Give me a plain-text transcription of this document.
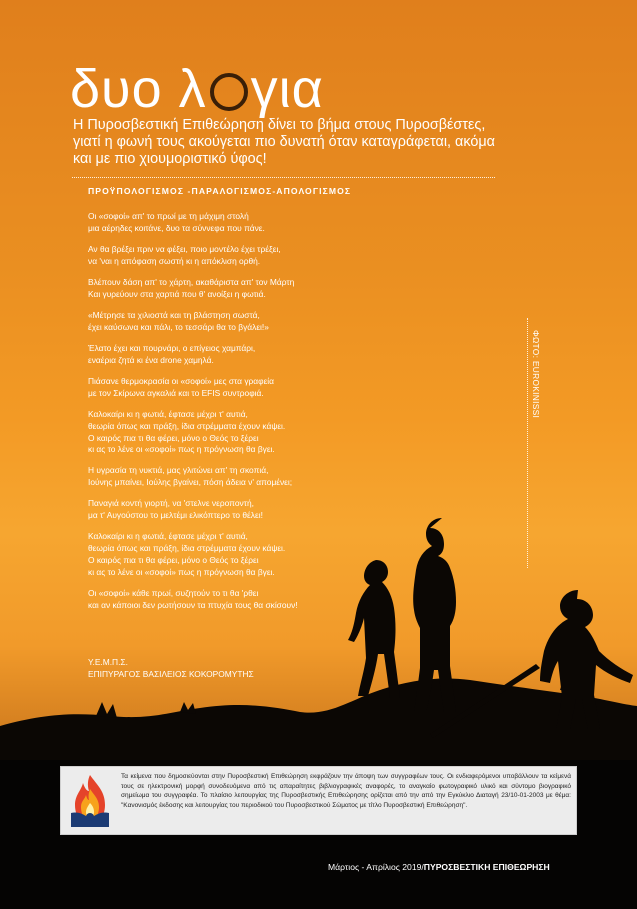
δυο λ για

Η Πυροσβεστική Επιθεώρηση δίνει το βήμα στους Πυροσβέστες, γιατί η φωνή τους ακούγεται πιο δυνατή όταν καταγράφεται, ακόμα και με πιο χιουμοριστικό ύφος!

ΠΡΟΫΠΟΛΟΓΙΣΜΟΣ -ΠΑΡΑΛΟΓΙΣΜΟΣ-ΑΠΟΛΟΓΙΣΜΟΣ

Οι «σοφοί» απ' το πρωί με τη μάχιμη στολή
μια αέρηδες κοιτάνε, δυο τα σύννεφα που πάνε.
Αν θα βρέξει πριν να φέξει, ποιο μοντέλο έχει τρέξει,
να 'ναι η απόφαση σωστή κι η απόκλιση ορθή.
Βλέπουν δάση απ' το χάρτη, ακαθάριστα απ' τον Μάρτη
Και γυρεύουν στα χαρτιά που θ' ανοίξει η φωτιά.
«Μέτρησε τα χιλιοστά και τη βλάστηση σωστά,
έχει καύσωνα και πάλι, το τεσσάρι θα το βγάλει!»
Έλατο έχει και πουρνάρι, ο επίγειος χαμπάρι,
εναέρια ζητά κι ένα drone χαμηλά.
Πιάσανε θερμοκρασία οι «σοφοί» μες στα γραφεία
με τον Σκίρωνα αγκαλιά και το EFIS συντροφιά.
Καλοκαίρι κι η φωτιά, έφτασε μέχρι τ' αυτιά,
θεωρία όπως και πράξη, ίδια στρέμματα έχουν κάψει.
Ο καιρός πια τι θα φέρει, μόνο ο Θεός το ξέρει
κι ας το λένε οι «σοφοί» πως η πρόγνωση θα βγει.
Η υγρασία τη νυκτιά, μας γλιτώνει απ' τη σκοπιά,
Ιούνης μπαίνει, Ιούλης βγαίνει, πόση άδεια ν' απομένει;
Παναγιά κοντή γιορτή, να 'στελνε νεροποντή,
μα τ' Αυγούστου το μελτέμι ελικόπτερο το θέλει!
Καλοκαίρι κι η φωτιά, έφτασε μέχρι τ' αυτιά,
θεωρία όπως και πράξη, ίδια στρέμματα έχουν κάψει.
Ο καιρός πια τι θα φέρει, μόνο ο Θεός το ξέρει
κι ας το λένε οι «σοφοί» πως η πρόγνωση θα βγει.
Οι «σοφοί» κάθε πρωί, συζητούν το τι θα 'ρθει
και αν κάποιοι δεν ρωτήσουν τα πτυχία τους θα σκίσουν!
Υ.Ε.Μ.Π.Σ.
ΕΠΙΠΥΡΑΓΟΣ ΒΑΣΙΛΕΙΟΣ ΚΟΚΟΡΟΜΥΤΗΣ
ΦΩΤΟ: EUROKINISSI

Τα κείμενα που δημοσιεύονται στην Πυροσβεστική Επιθεώρηση εκφράζουν την άποψη των συγγραφέων τους. Οι ενδιαφερόμενοι υποβάλλουν τα κείμενά τους σε ηλεκτρονική μορφή συνοδευόμενα από τις απαραίτητες βιβλιογραφικές αναφορές, το αναγκαίο φωτογραφικό υλικό και σύντομο βιογραφικό σημείωμα του συγγραφέα. Το πλαίσιο λειτουργίας της Πυροσβεστικής Επιθεώρησης ορίζεται από την από την Εγκύκλιο Διαταγή 23/10-01-2003 με θέμα: "Κανονισμός έκδοσης και λειτουργίας του περιοδικού του Πυροσβεστικού Σώματος με τίτλο Πυροσβεστική Επιθεώρηση".

Μάρτιος - Απρίλιος 2019/ΠΥΡΟΣΒΕΣΤΙΚΗ ΕΠΙΘΕΩΡΗΣΗ
